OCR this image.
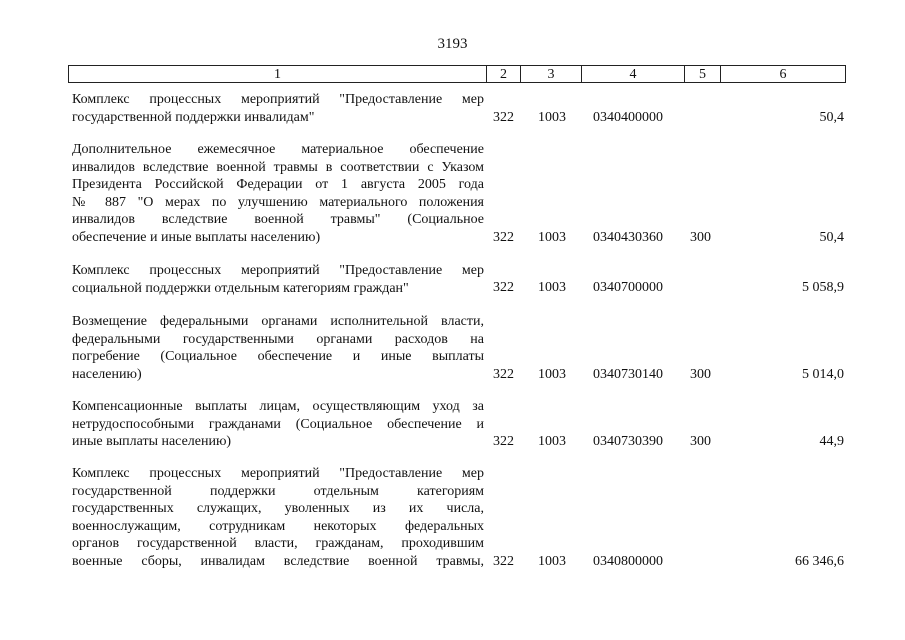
3193
1	2	3	4	5	6
Комплекс процессных мероприятий "Предоставление мер
государственной поддержки инвалидам"	322 1003 0340400000	50,4
Дополнительное ежемесячное материальное обеспечение
инвалидов вследствие военной травмы в соответствии с Указом
Президента Российской Федерации от 1 августа 2005 года
№ 887 "О мерах по улучшению материального положения
инвалидов вследствие военной травмы" (Социальное
обеспечение и иные выплаты населению)	322 1003 0340430360 300	50,4
Комплекс процессных мероприятий "Предоставление мер
социальной поддержки отдельным категориям граждан"	322 1003 0340700000	5 058,9
Возмещение федеральными органами исполнительной власти,
федеральными государственными органами расходов на
погребение (Социальное обеспечение и иные выплаты
населению)	322 1003 0340730140 300	5 014,0
Компенсационные выплаты лицам, осуществляющим уход за
нетрудоспособными гражданами (Социальное обеспечение и
иные выплаты населению)	322 1003 0340730390 300	44,9
Комплекс процессных мероприятий "Предоставление мер
государственной поддержки отдельным категориям
государственных служащих, уволенных из их числа,
военнослужащим, сотрудникам некоторых федеральных
органов государственной власти, гражданам, проходившим
военные сборы, инвалидам вследствие военной травмы, 322 1003 0340800000	66 346,6
